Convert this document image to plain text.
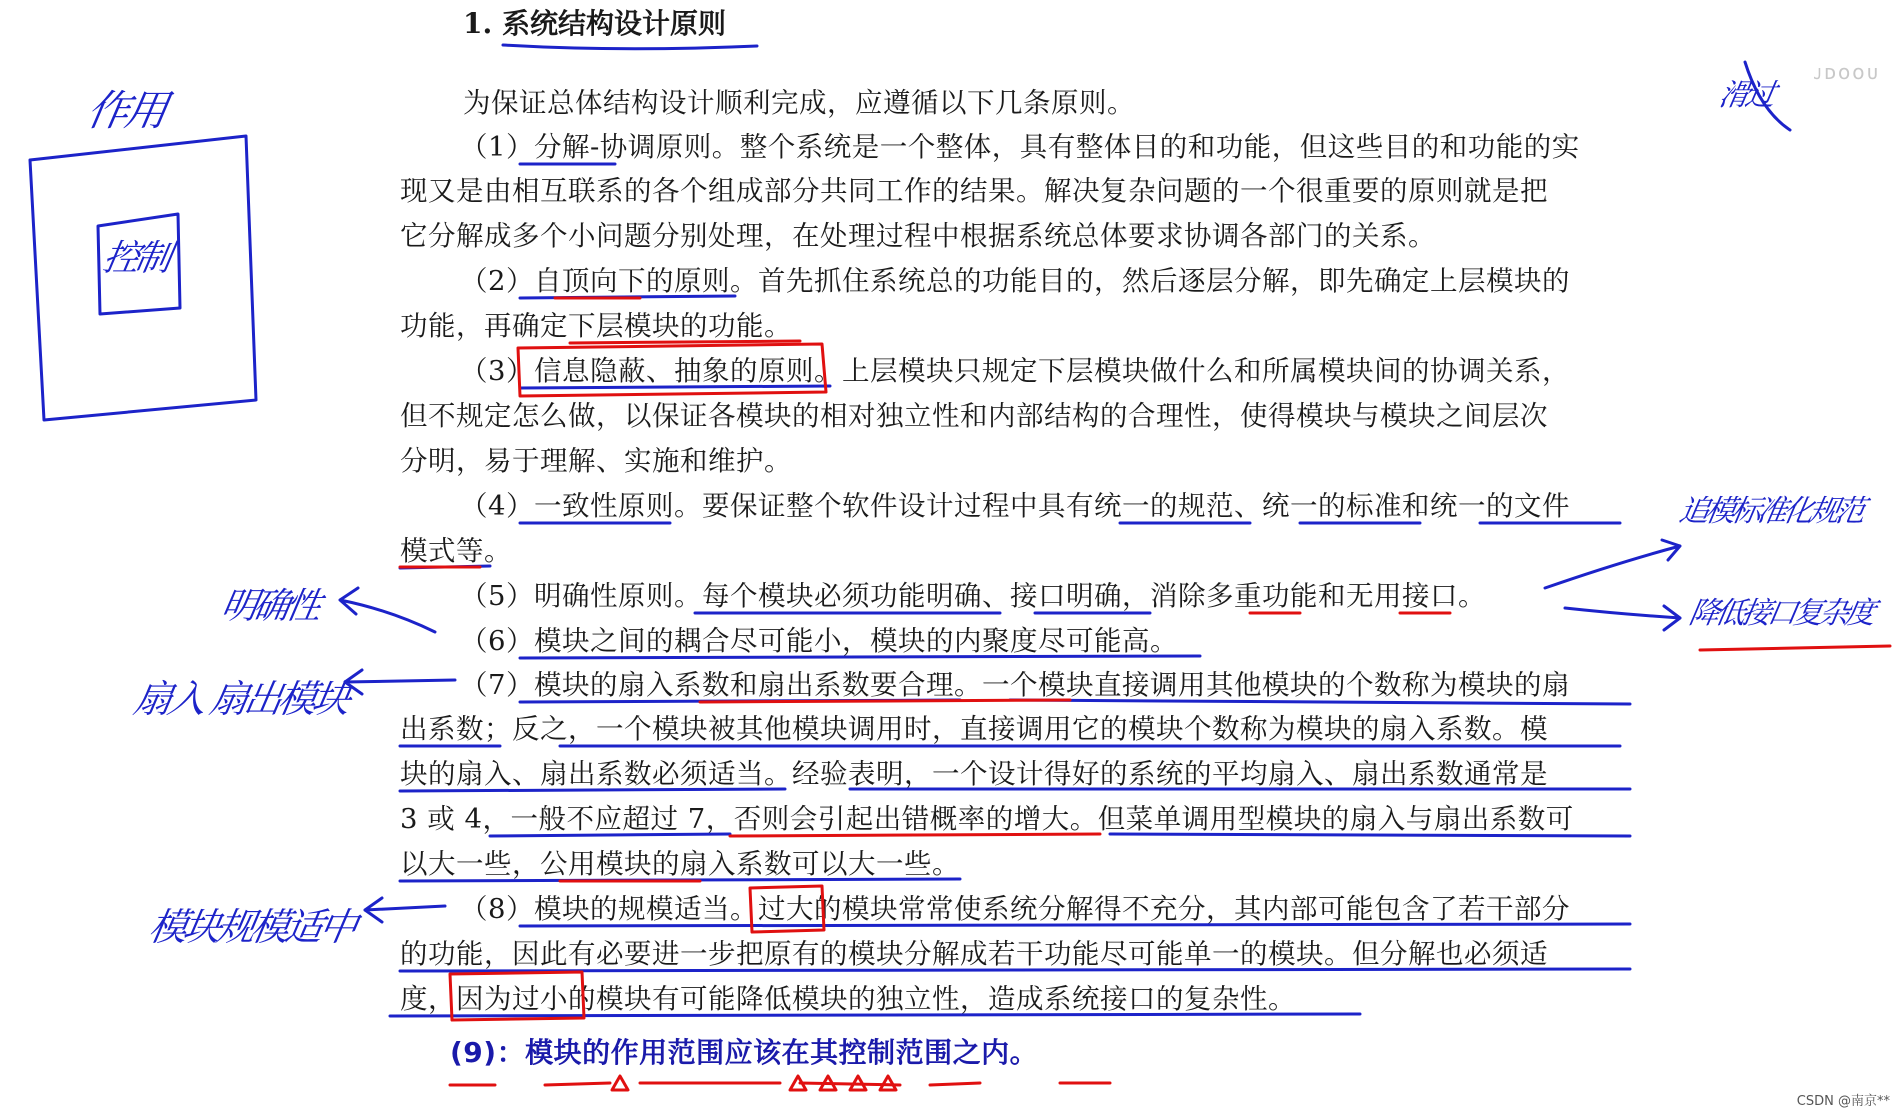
1. 系统结构设计原则
为保证总体结构设计顺利完成，应遵循以下几条原则。
（1）分解-协调原则。整个系统是一个整体，具有整体目的和功能，但这些目的和功能的实
现又是由相互联系的各个组成部分共同工作的结果。解决复杂问题的一个很重要的原则就是把
它分解成多个小问题分别处理，在处理过程中根据系统总体要求协调各部门的关系。
（2）自顶向下的原则。首先抓住系统总的功能目的，然后逐层分解，即先确定上层模块的
功能，再确定下层模块的功能。
（3）信息隐蔽、抽象的原则。上层模块只规定下层模块做什么和所属模块间的协调关系，
但不规定怎么做，以保证各模块的相对独立性和内部结构的合理性，使得模块与模块之间层次
分明，易于理解、实施和维护。
（4）一致性原则。要保证整个软件设计过程中具有统一的规范、统一的标准和统一的文件
模式等。
（5）明确性原则。每个模块必须功能明确、接口明确，消除多重功能和无用接口。
（6）模块之间的耦合尽可能小，模块的内聚度尽可能高。
（7）模块的扇入系数和扇出系数要合理。一个模块直接调用其他模块的个数称为模块的扇
出系数；反之，一个模块被其他模块调用时，直接调用它的模块个数称为模块的扇入系数。模
块的扇入、扇出系数必须适当。经验表明，一个设计得好的系统的平均扇入、扇出系数通常是
3 或 4，一般不应超过 7，否则会引起出错概率的增大。但菜单调用型模块的扇入与扇出系数可
以大一些，公用模块的扇入系数可以大一些。
（8）模块的规模适当。过大的模块常常使系统分解得不充分，其内部可能包含了若干部分
的功能，因此有必要进一步把原有的模块分解成若干功能尽可能单一的模块。但分解也必须适
度，因为过小的模块有可能降低模块的独立性，造成系统接口的复杂性。
(9)：模块的作用范围应该在其控制范围之内。
作用
控制
明确性
扇入 扇出模块
模块规模适中
滑过
追模标准化规范
降低接口复杂度
ᴊᴅoᴏᴜ
CSDN @南京**
